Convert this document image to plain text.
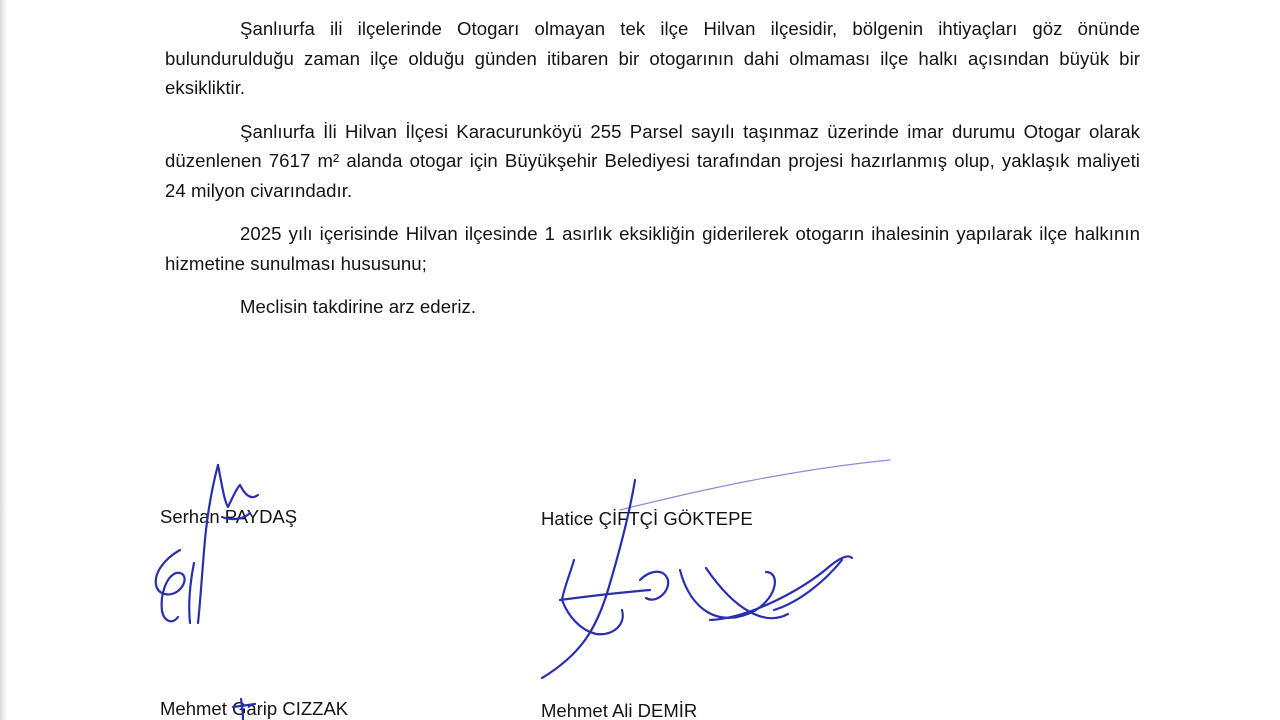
Şanlıurfa ili ilçelerinde Otogarı olmayan tek ilçe Hilvan ilçesidir, bölgenin ihtiyaçları göz önünde bulundurulduğu zaman ilçe olduğu günden itibaren bir otogarının dahi olmaması ilçe halkı açısından büyük bir eksikliktir.

Şanlıurfa İli Hilvan İlçesi Karacurunköyü 255 Parsel sayılı taşınmaz üzerinde imar durumu Otogar olarak düzenlenen 7617 m² alanda otogar için Büyükşehir Belediyesi tarafından projesi hazırlanmış olup, yaklaşık maliyeti 24 milyon civarındadır.

2025 yılı içerisinde Hilvan ilçesinde 1 asırlık eksikliğin giderilerek otogarın ihalesinin yapılarak ilçe halkının hizmetine sunulması hususunu;

Meclisin takdirine arz ederiz.

Serhan PAYDAŞ	Hatice ÇİFTÇİ GÖKTEPE
Mehmet Garip CIZZAK	Mehmet Ali DEMİR
